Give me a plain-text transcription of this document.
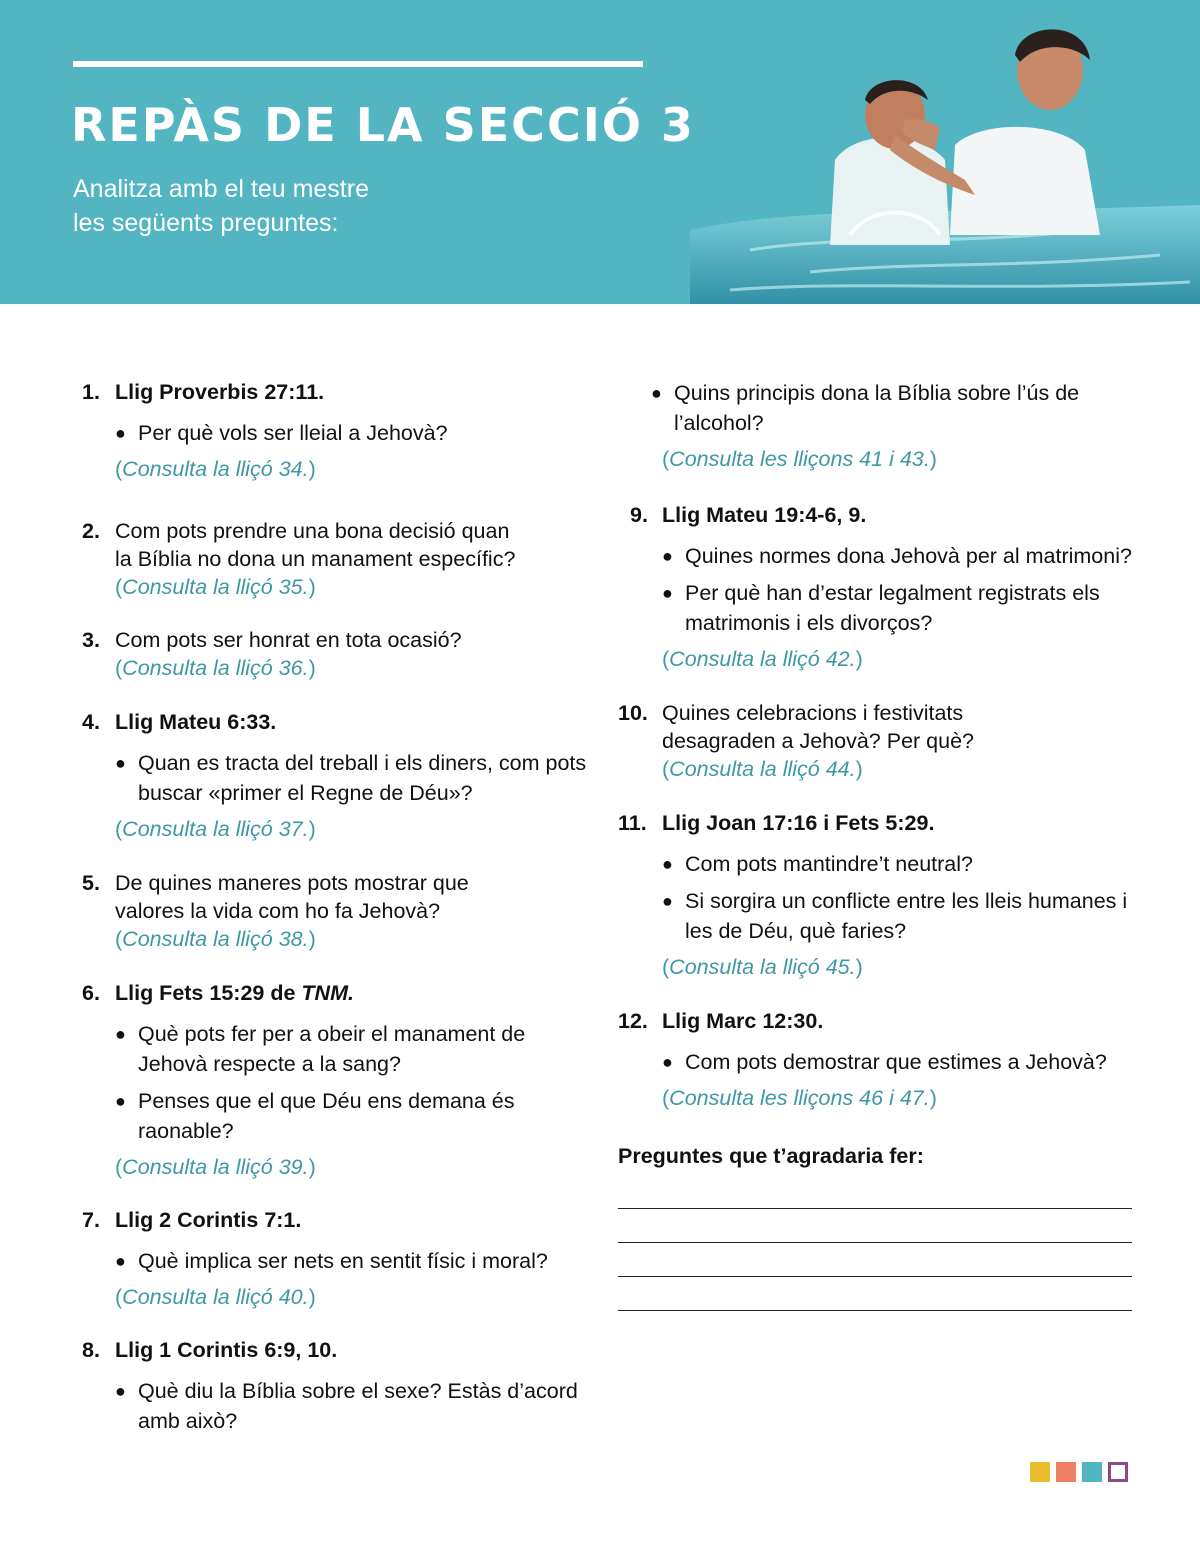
REPÀS DE LA SECCIÓ 3
Analitza amb el teu mestre
les següents preguntes:

1. Llig Proverbis 27:11.

● Per què vols ser lleial a Jehovà?

(Consulta la lliçó 34.)

2. Com pots prendre una bona decisió quan
la Bíblia no dona un manament específic?
(Consulta la lliçó 35.)

3. Com pots ser honrat en tota ocasió?
(Consulta la lliçó 36.)

4. Llig Mateu 6:33.

● Quan es tracta del treball i els diners, com pots buscar «primer el Regne de Déu»?

(Consulta la lliçó 37.)

5. De quines maneres pots mostrar que
valores la vida com ho fa Jehovà?
(Consulta la lliçó 38.)

6. Llig Fets 15:29 de TNM.

● Què pots fer per a obeir el manament de Jehovà respecte a la sang?
● Penses que el que Déu ens demana és raonable?

(Consulta la lliçó 39.)

7. Llig 2 Corintis 7:1.

● Què implica ser nets en sentit físic i moral?

(Consulta la lliçó 40.)

8. Llig 1 Corintis 6:9, 10.

● Què diu la Bíblia sobre el sexe? Estàs d’acord amb això?
● Quins principis dona la Bíblia sobre l’ús de l’alcohol?

(Consulta les lliçons 41 i 43.)

9. Llig Mateu 19:4-6, 9.

● Quines normes dona Jehovà per al matrimoni?
● Per què han d’estar legalment registrats els matrimonis i els divorços?

(Consulta la lliçó 42.)

10. Quines celebracions i festivitats
desagraden a Jehovà? Per què?
(Consulta la lliçó 44.)

11. Llig Joan 17:16 i Fets 5:29.

● Com pots mantindre’t neutral?
● Si sorgira un conflicte entre les lleis humanes i les de Déu, què faries?

(Consulta la lliçó 45.)

12. Llig Marc 12:30.

● Com pots demostrar que estimes a Jehovà?

(Consulta les lliçons 46 i 47.)

Preguntes que t’agradaria fer:
